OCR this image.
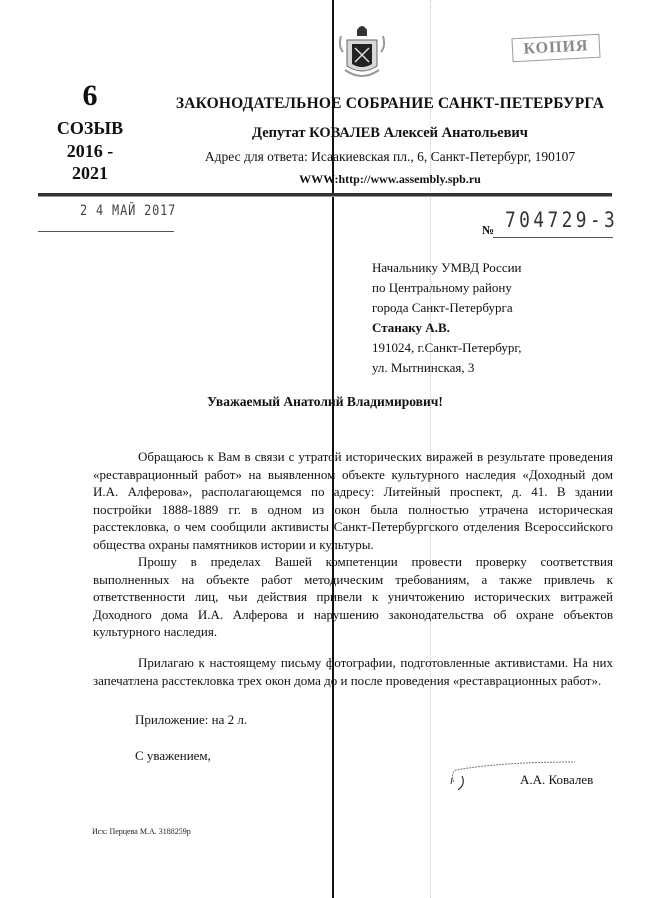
КОПИЯ
6
СОЗЫВ
2016 -
2021
ЗАКОНОДАТЕЛЬНОЕ СОБРАНИЕ САНКТ-ПЕТЕРБУРГА
Депутат КОВАЛЕВ Алексей Анатольевич
Адрес для ответа: Исаакиевская пл., 6, Санкт-Петербург, 190107
WWW:http://www.assembly.spb.ru
2 4 МАЙ 2017
№ 704729-3
Начальнику УМВД России
по Центральному району
города Санкт-Петербурга
Станаку А.В.
191024, г.Санкт-Петербург,
ул. Мытнинская, 3
Уважаемый Анатолий Владимирович!
Обращаюсь к Вам в связи с утратой исторических виражей в результате проведения «реставрационный работ» на выявленном объекте культурного наследия «Доходный дом И.А. Алферова», располагающемся по адресу: Литейный проспект, д. 41. В здании постройки 1888-1889 гг. в одном из окон была полностью утрачена историческая расстекловка, о чем сообщили активисты Санкт-Петербургского отделения Всероссийского общества охраны памятников истории и культуры.
Прошу в пределах Вашей компетенции провести проверку соответствия выполненных на объекте работ методическим требованиям, а также привлечь к ответственности лиц, чьи действия привели к уничтожению исторических витражей Доходного дома И.А. Алферова и нарушению законодательства об охране объектов культурного наследия.
Прилагаю к настоящему письму фотографии, подготовленные активистами. На них запечатлена расстекловка трех окон дома до и после проведения «реставрационных работ».
Приложение: на 2 л.
С уважением,
А.А. Ковалев
Исх: Перцева М.А. 3188259р
